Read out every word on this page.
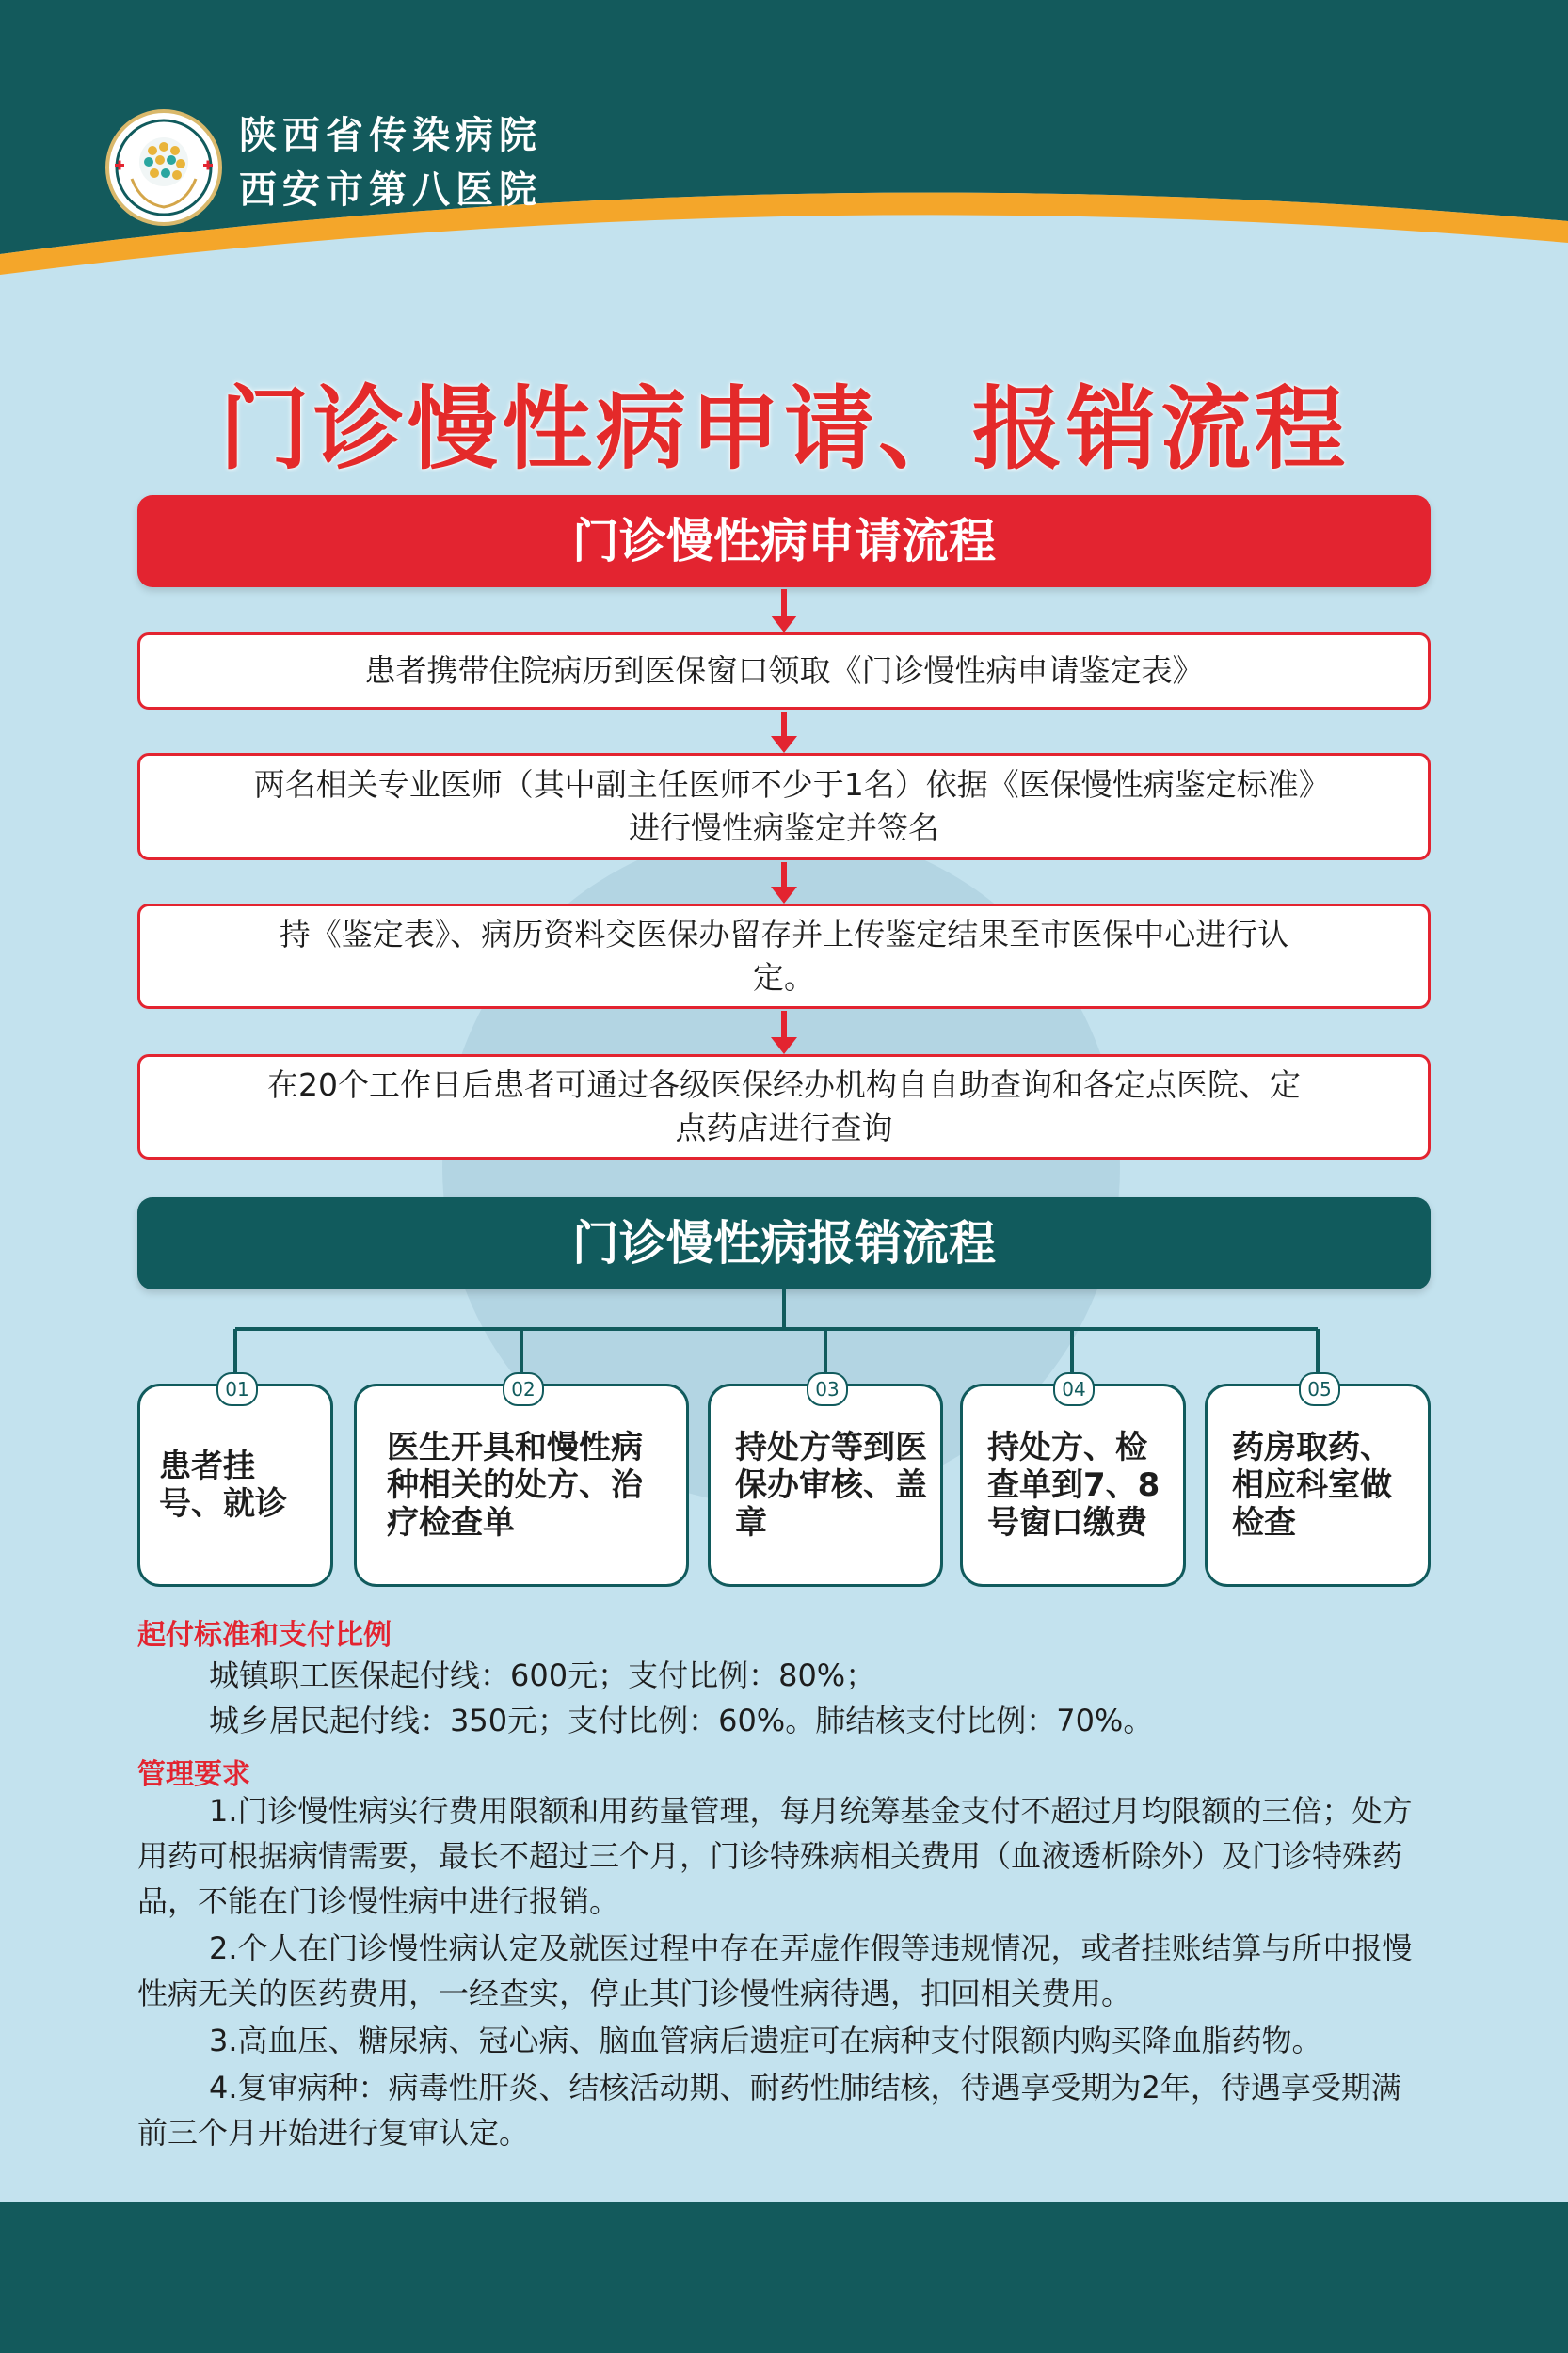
陕西省传染病院
西安市第八医院
门诊慢性病申请、报销流程
门诊慢性病申请流程
患者携带住院病历到医保窗口领取《门诊慢性病申请鉴定表》
两名相关专业医师（其中副主任医师不少于1名）依据《医保慢性病鉴定标准》进行慢性病鉴定并签名
持《鉴定表》、病历资料交医保办留存并上传鉴定结果至市医保中心进行认定。
在20个工作日后患者可通过各级医保经办机构自自助查询和各定点医院、定点药店进行查询
门诊慢性病报销流程
患者挂号、就诊
01
医生开具和慢性病种相关的处方、治疗检查单
02
持处方等到医保办审核、盖章
03
持处方、检查单到7、8号窗口缴费
04
药房取药、相应科室做检查
05
起付标准和支付比例
城镇职工医保起付线：600元；支付比例：80%；
城乡居民起付线：350元；支付比例：60%。肺结核支付比例：70%。
管理要求
1.门诊慢性病实行费用限额和用药量管理，每月统筹基金支付不超过月均限额的三倍；处方用药可根据病情需要，最长不超过三个月，门诊特殊病相关费用（血液透析除外）及门诊特殊药品，不能在门诊慢性病中进行报销。
2.个人在门诊慢性病认定及就医过程中存在弄虚作假等违规情况，或者挂账结算与所申报慢性病无关的医药费用，一经查实，停止其门诊慢性病待遇，扣回相关费用。
3.高血压、糖尿病、冠心病、脑血管病后遗症可在病种支付限额内购买降血脂药物。
4.复审病种：病毒性肝炎、结核活动期、耐药性肺结核，待遇享受期为2年，待遇享受期满前三个月开始进行复审认定。
